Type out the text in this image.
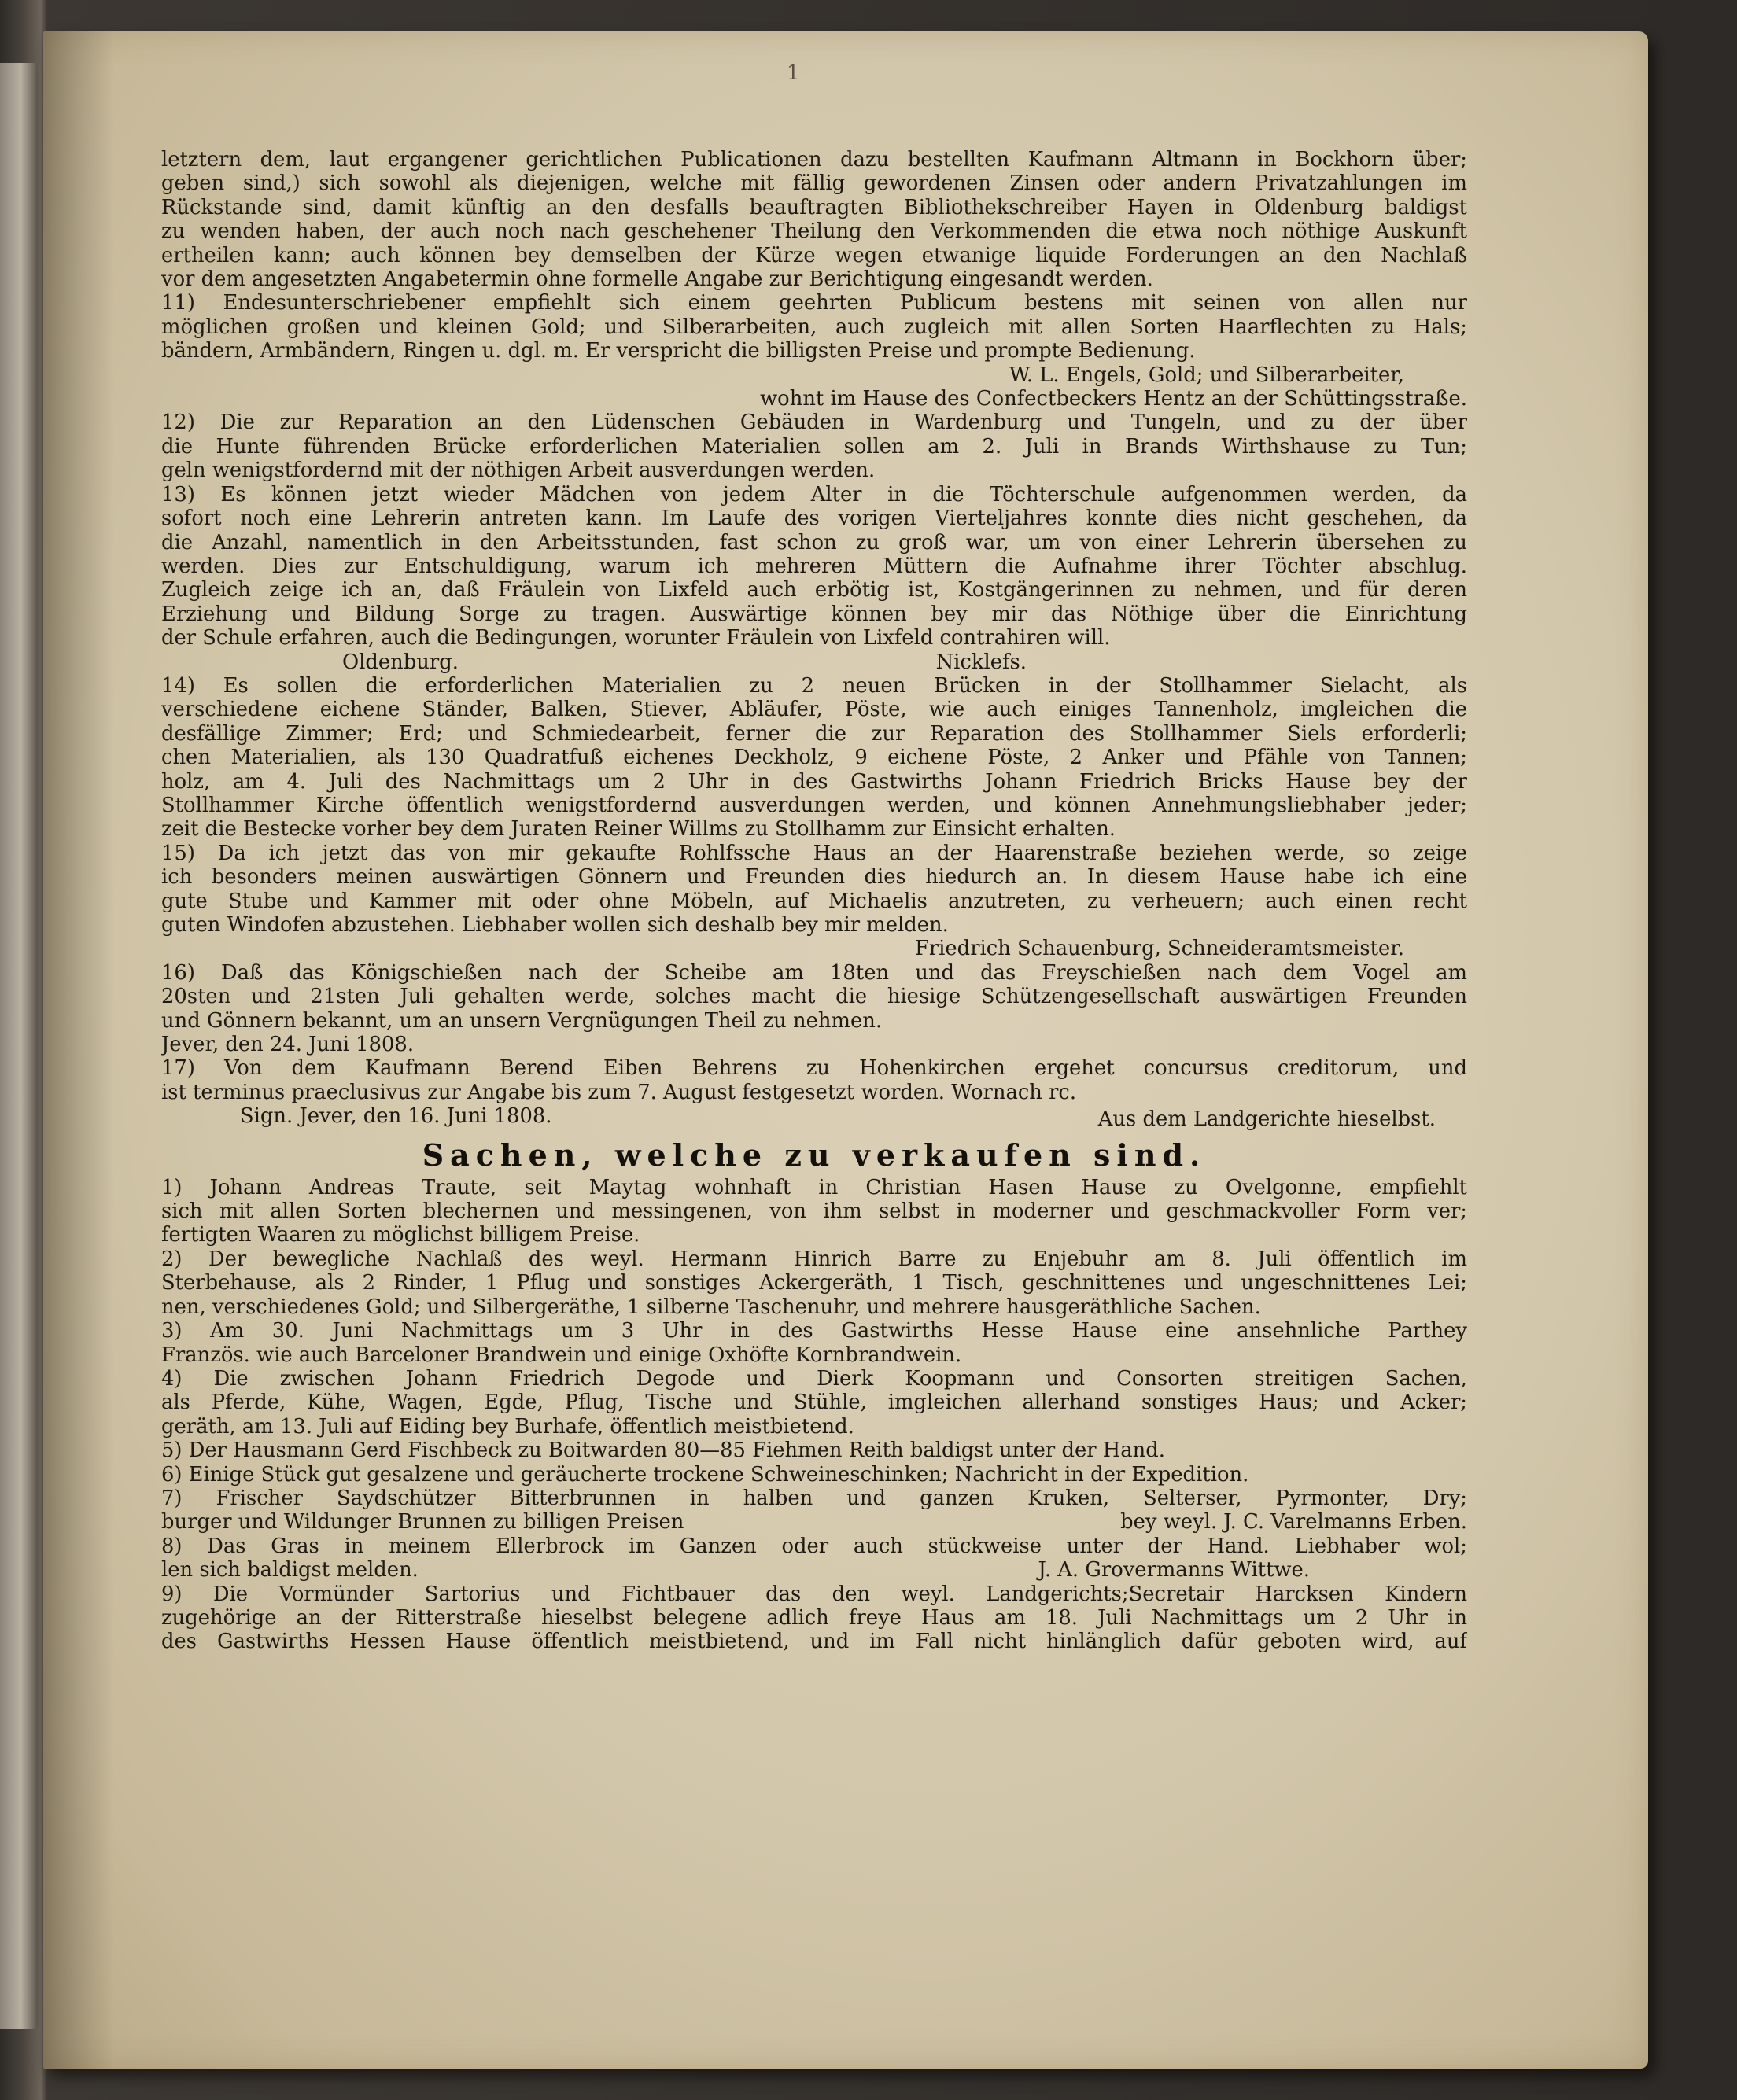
1
letztern dem, laut ergangener gerichtlichen Publicationen dazu bestellten Kaufmann Altmann in Bockhorn über;
geben sind,) sich sowohl als diejenigen, welche mit fällig gewordenen Zinsen oder andern Privatzahlungen im
Rückstande sind, damit künftig an den desfalls beauftragten Bibliothekschreiber Hayen in Oldenburg baldigst
zu wenden haben, der auch noch nach geschehener Theilung den Verkommenden die etwa noch nöthige Auskunft
ertheilen kann; auch können bey demselben der Kürze wegen etwanige liquide Forderungen an den Nachlaß
vor dem angesetzten Angabetermin ohne formelle Angabe zur Berichtigung eingesandt werden.
11) Endesunterschriebener empfiehlt sich einem geehrten Publicum bestens mit seinen von allen nur
möglichen großen und kleinen Gold; und Silberarbeiten, auch zugleich mit allen Sorten Haarflechten zu Hals;
bändern, Armbändern, Ringen u. dgl. m. Er verspricht die billigsten Preise und prompte Bedienung.
W. L. Engels, Gold; und Silberarbeiter,
wohnt im Hause des Confectbeckers Hentz an der Schüttingsstraße.
12) Die zur Reparation an den Lüdenschen Gebäuden in Wardenburg und Tungeln, und zu der über
die Hunte führenden Brücke erforderlichen Materialien sollen am 2. Juli in Brands Wirthshause zu Tun;
geln wenigstfordernd mit der nöthigen Arbeit ausverdungen werden.
13) Es können jetzt wieder Mädchen von jedem Alter in die Töchterschule aufgenommen werden, da
sofort noch eine Lehrerin antreten kann. Im Laufe des vorigen Vierteljahres konnte dies nicht geschehen, da
die Anzahl, namentlich in den Arbeitsstunden, fast schon zu groß war, um von einer Lehrerin übersehen zu
werden. Dies zur Entschuldigung, warum ich mehreren Müttern die Aufnahme ihrer Töchter abschlug.
Zugleich zeige ich an, daß Fräulein von Lixfeld auch erbötig ist, Kostgängerinnen zu nehmen, und für deren
Erziehung und Bildung Sorge zu tragen. Auswärtige können bey mir das Nöthige über die Einrichtung
der Schule erfahren, auch die Bedingungen, worunter Fräulein von Lixfeld contrahiren will.
Oldenburg.	Nicklefs.
14) Es sollen die erforderlichen Materialien zu 2 neuen Brücken in der Stollhammer Sielacht, als
verschiedene eichene Ständer, Balken, Stiever, Abläufer, Pöste, wie auch einiges Tannenholz, imgleichen die
desfällige Zimmer; Erd; und Schmiedearbeit, ferner die zur Reparation des Stollhammer Siels erforderli;
chen Materialien, als 130 Quadratfuß eichenes Deckholz, 9 eichene Pöste, 2 Anker und Pfähle von Tannen;
holz, am 4. Juli des Nachmittags um 2 Uhr in des Gastwirths Johann Friedrich Bricks Hause bey der
Stollhammer Kirche öffentlich wenigstfordernd ausverdungen werden, und können Annehmungsliebhaber jeder;
zeit die Bestecke vorher bey dem Juraten Reiner Willms zu Stollhamm zur Einsicht erhalten.
15) Da ich jetzt das von mir gekaufte Rohlfssche Haus an der Haarenstraße beziehen werde, so zeige
ich besonders meinen auswärtigen Gönnern und Freunden dies hiedurch an. In diesem Hause habe ich eine
gute Stube und Kammer mit oder ohne Möbeln, auf Michaelis anzutreten, zu verheuern; auch einen recht
guten Windofen abzustehen. Liebhaber wollen sich deshalb bey mir melden.
Friedrich Schauenburg, Schneideramtsmeister.
16) Daß das Königschießen nach der Scheibe am 18ten und das Freyschießen nach dem Vogel am
20sten und 21sten Juli gehalten werde, solches macht die hiesige Schützengesellschaft auswärtigen Freunden
und Gönnern bekannt, um an unsern Vergnügungen Theil zu nehmen.
Jever, den 24. Juni 1808.
17) Von dem Kaufmann Berend Eiben Behrens zu Hohenkirchen ergehet concursus creditorum, und
ist terminus praeclusivus zur Angabe bis zum 7. August festgesetzt worden. Wornach rc.
Sign. Jever, den 16. Juni 1808.	Aus dem Landgerichte hieselbst.
Sachen, welche zu verkaufen sind.
1) Johann Andreas Traute, seit Maytag wohnhaft in Christian Hasen Hause zu Ovelgonne, empfiehlt
sich mit allen Sorten blechernen und messingenen, von ihm selbst in moderner und geschmackvoller Form ver;
fertigten Waaren zu möglichst billigem Preise.
2) Der bewegliche Nachlaß des weyl. Hermann Hinrich Barre zu Enjebuhr am 8. Juli öffentlich im
Sterbehause, als 2 Rinder, 1 Pflug und sonstiges Ackergeräth, 1 Tisch, geschnittenes und ungeschnittenes Lei;
nen, verschiedenes Gold; und Silbergeräthe, 1 silberne Taschenuhr, und mehrere hausgeräthliche Sachen.
3) Am 30. Juni Nachmittags um 3 Uhr in des Gastwirths Hesse Hause eine ansehnliche Parthey
Französ. wie auch Barceloner Brandwein und einige Oxhöfte Kornbrandwein.
4) Die zwischen Johann Friedrich Degode und Dierk Koopmann und Consorten streitigen Sachen,
als Pferde, Kühe, Wagen, Egde, Pflug, Tische und Stühle, imgleichen allerhand sonstiges Haus; und Acker;
geräth, am 13. Juli auf Eiding bey Burhafe, öffentlich meistbietend.
5) Der Hausmann Gerd Fischbeck zu Boitwarden 80—85 Fiehmen Reith baldigst unter der Hand.
6) Einige Stück gut gesalzene und geräucherte trockene Schweineschinken; Nachricht in der Expedition.
7) Frischer Saydschützer Bitterbrunnen in halben und ganzen Kruken, Selterser, Pyrmonter, Dry;
burger und Wildunger Brunnen zu billigen Preisen	bey weyl. J. C. Varelmanns Erben.
8) Das Gras in meinem Ellerbrock im Ganzen oder auch stückweise unter der Hand. Liebhaber wol;
len sich baldigst melden.	J. A. Grovermanns Wittwe.
9) Die Vormünder Sartorius und Fichtbauer das den weyl. Landgerichts;Secretair Harcksen Kindern
zugehörige an der Ritterstraße hieselbst belegene adlich freye Haus am 18. Juli Nachmittags um 2 Uhr in
des Gastwirths Hessen Hause öffentlich meistbietend, und im Fall nicht hinlänglich dafür geboten wird, auf
